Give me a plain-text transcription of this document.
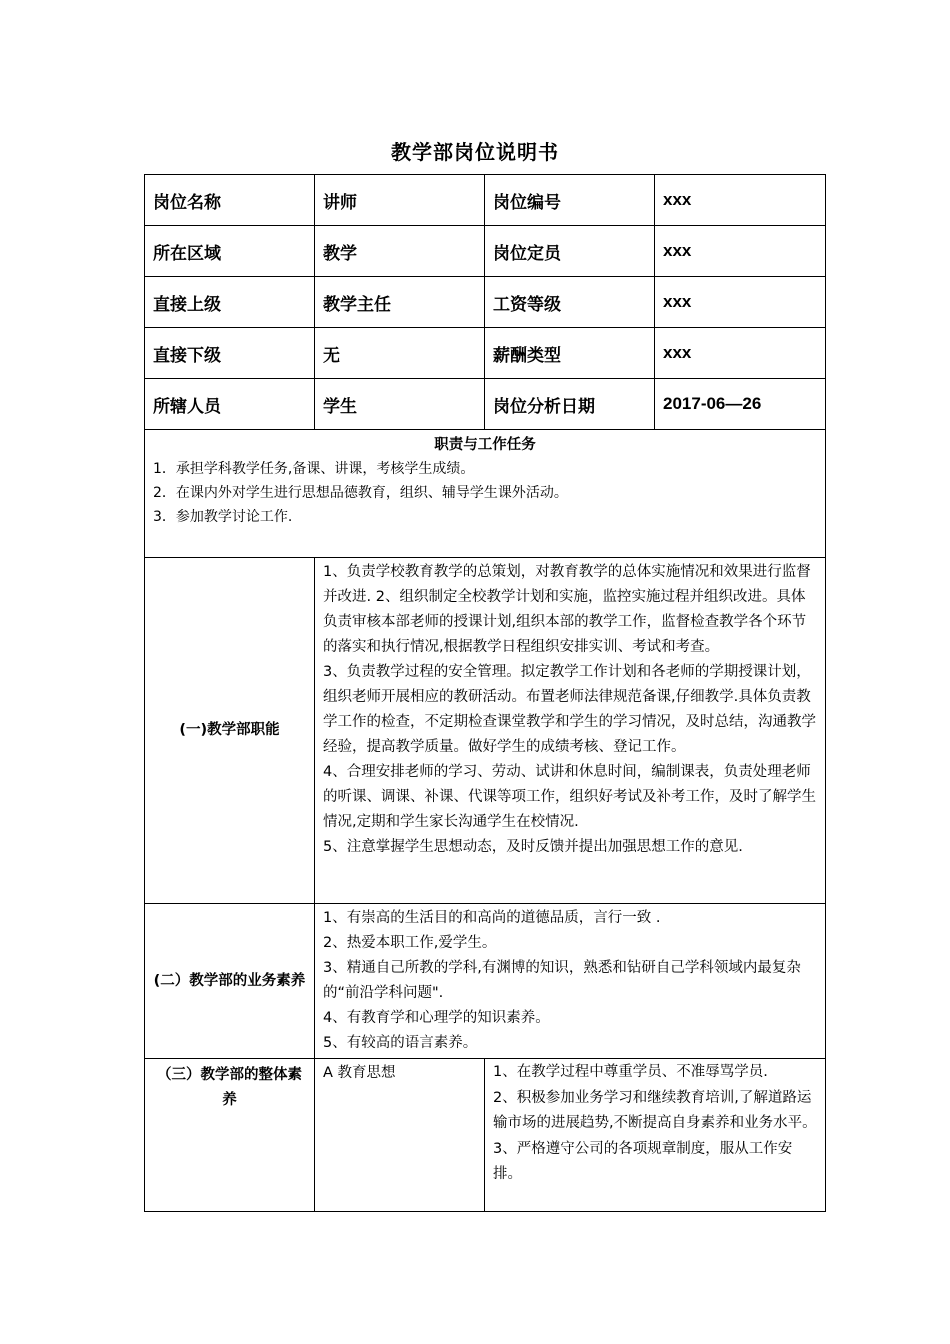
教学部岗位说明书
岗位名称	讲师	岗位编号	xxx
所在区域	教学	岗位定员	xxx
直接上级	教学主任	工资等级	xxx
直接下级	无	薪酬类型	xxx
所辖人员	学生	岗位分析日期	2017-06—26

职责与工作任务
1．承担学科教学任务,备课、讲课，考核学生成绩。
2．在课内外对学生进行思想品德教育，组织、辅导学生课外活动。
3．参加教学讨论工作.			

(一)教学部职能	1、负责学校教育教学的总策划，对教育教学的总体实施情况和效果进行监督并改进. 2、组织制定全校教学计划和实施，监控实施过程并组织改进。具体负责审核本部老师的授课计划,组织本部的教学工作，监督检查教学各个环节的落实和执行情况,根据教学日程组织安排实训、考试和考查。

3、负责教学过程的安全管理。拟定教学工作计划和各老师的学期授课计划，组织老师开展相应的教研活动。布置老师法律规范备课,仔细教学.具体负责教学工作的检查，不定期检查课堂教学和学生的学习情况，及时总结，沟通教学经验，提高教学质量。做好学生的成绩考核、登记工作。

4、合理安排老师的学习、劳动、试讲和休息时间，编制课表，负责处理老师的听课、调课、补课、代课等项工作，组织好考试及补考工作，及时了解学生情况,定期和学生家长沟通学生在校情况.

5、注意掌握学生思想动态，及时反馈并提出加强思想工作的意见.		

(二）教学部的业务素养	1、有崇高的生活目的和高尚的道德品质，言行一致 .

2、热爱本职工作,爱学生。

3、精通自己所教的学科,有渊博的知识，熟悉和钻研自己学科领域内最复杂的“前沿学科问题".

4、有教育学和心理学的知识素养。

5、有较高的语言素养。		

（三）教学部的整体素养	A 教育思想	1、在教学过程中尊重学员、不准辱骂学员.

2、积极参加业务学习和继续教育培训,了解道路运输市场的进展趋势,不断提高自身素养和业务水平。

3、严格遵守公司的各项规章制度，服从工作安排。	
